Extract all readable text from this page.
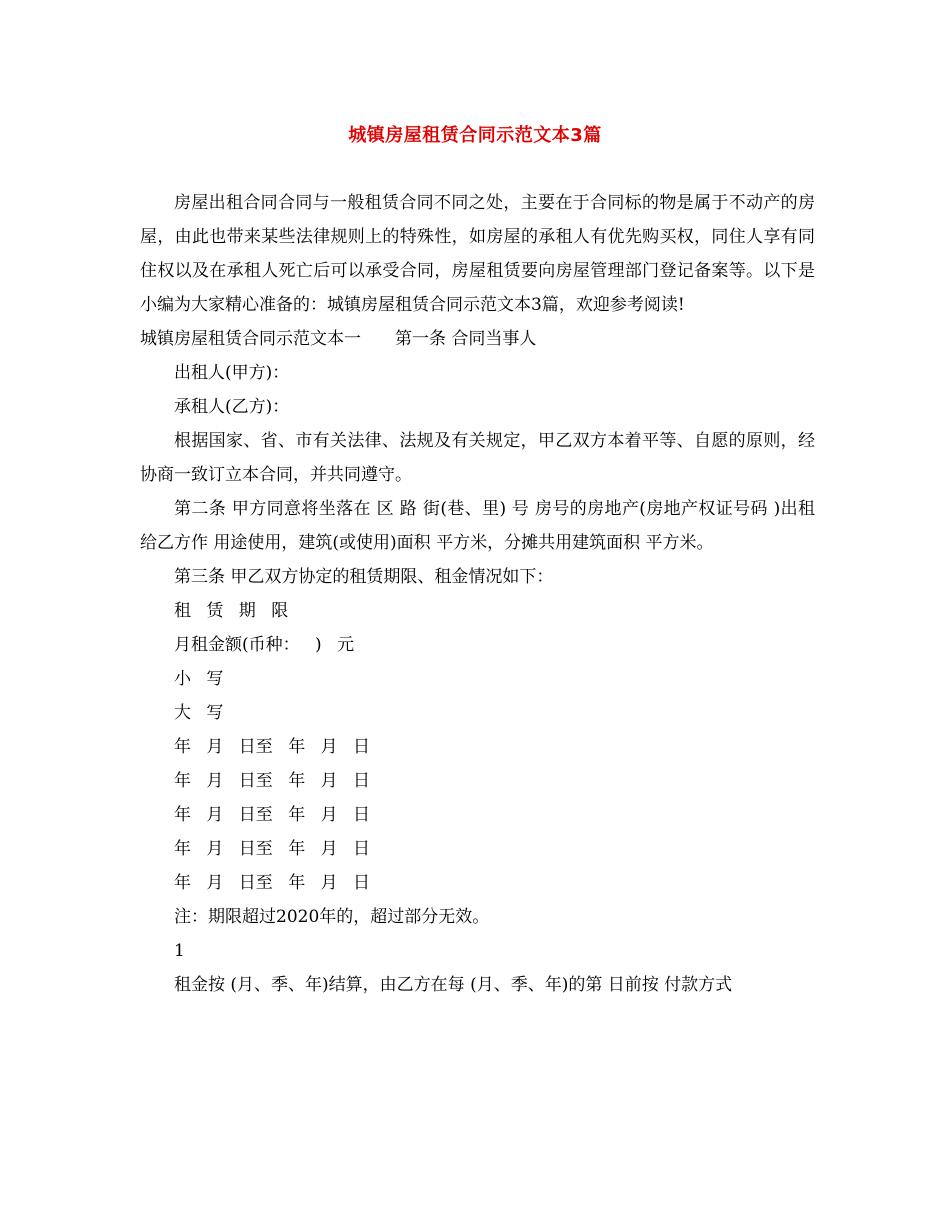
城镇房屋租赁合同示范文本3篇

房屋出租合同合同与一般租赁合同不同之处，主要在于合同标的物是属于不动产的房屋，由此也带来某些法律规则上的特殊性，如房屋的承租人有优先购买权，同住人享有同住权以及在承租人死亡后可以承受合同，房屋租赁要向房屋管理部门登记备案等。以下是小编为大家精心准备的：城镇房屋租赁合同示范文本3篇，欢迎参考阅读!

城镇房屋租赁合同示范文本一　　第一条 合同当事人

出租人(甲方)：

承租人(乙方)：

根据国家、省、市有关法律、法规及有关规定，甲乙双方本着平等、自愿的原则，经协商一致订立本合同，并共同遵守。

第二条 甲方同意将坐落在 区 路 街(巷、里) 号 房号的房地产(房地产权证号码 )出租给乙方作 用途使用，建筑(或使用)面积 平方米，分摊共用建筑面积 平方米。

第三条 甲乙双方协定的租赁期限、租金情况如下：

租 赁 期 限

月租金额(币种： ) 元

小 写

大 写

年 月 日至 年 月 日

年 月 日至 年 月 日

年 月 日至 年 月 日

年 月 日至 年 月 日

年 月 日至 年 月 日

注：期限超过2020年的，超过部分无效。

1

租金按 (月、季、年)结算，由乙方在每 (月、季、年)的第 日前按 付款方式
